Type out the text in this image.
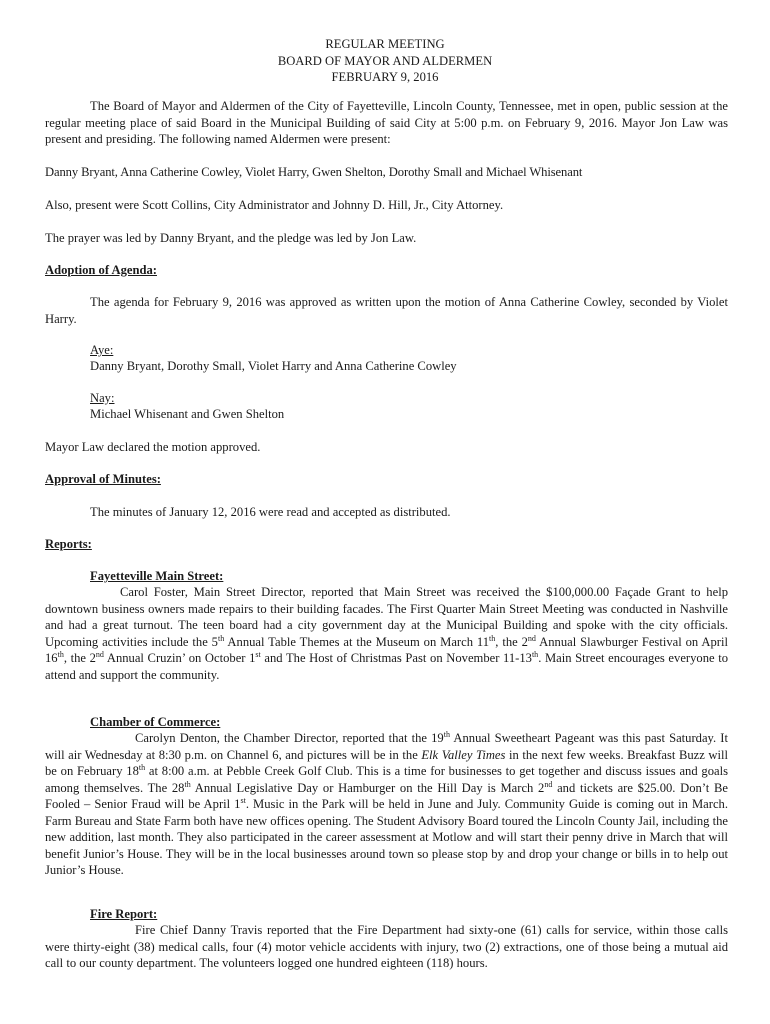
REGULAR MEETING
BOARD OF MAYOR AND ALDERMEN
FEBRUARY 9, 2016
The Board of Mayor and Aldermen of the City of Fayetteville, Lincoln County, Tennessee, met in open, public session at the regular meeting place of said Board in the Municipal Building of said City at 5:00 p.m. on February 9, 2016. Mayor Jon Law was present and presiding. The following named Aldermen were present:
Danny Bryant, Anna Catherine Cowley, Violet Harry, Gwen Shelton, Dorothy Small and Michael Whisenant
Also, present were Scott Collins, City Administrator and Johnny D. Hill, Jr., City Attorney.
The prayer was led by Danny Bryant, and the pledge was led by Jon Law.
Adoption of Agenda:
The agenda for February 9, 2016 was approved as written upon the motion of Anna Catherine Cowley, seconded by Violet Harry.
Aye:
Danny Bryant, Dorothy Small, Violet Harry and Anna Catherine Cowley
Nay:
Michael Whisenant and Gwen Shelton
Mayor Law declared the motion approved.
Approval of Minutes:
The minutes of January 12, 2016 were read and accepted as distributed.
Reports:
Fayetteville Main Street:
Carol Foster, Main Street Director, reported that Main Street was received the $100,000.00 Façade Grant to help downtown business owners made repairs to their building facades. The First Quarter Main Street Meeting was conducted in Nashville and had a great turnout. The teen board had a city government day at the Municipal Building and spoke with the city officials. Upcoming activities include the 5th Annual Table Themes at the Museum on March 11th, the 2nd Annual Slawburger Festival on April 16th, the 2nd Annual Cruzin’ on October 1st and The Host of Christmas Past on November 11-13th. Main Street encourages everyone to attend and support the community.
Chamber of Commerce:
Carolyn Denton, the Chamber Director, reported that the 19th Annual Sweetheart Pageant was this past Saturday. It will air Wednesday at 8:30 p.m. on Channel 6, and pictures will be in the Elk Valley Times in the next few weeks. Breakfast Buzz will be on February 18th at 8:00 a.m. at Pebble Creek Golf Club. This is a time for businesses to get together and discuss issues and goals among themselves. The 28th Annual Legislative Day or Hamburger on the Hill Day is March 2nd and tickets are $25.00. Don’t Be Fooled – Senior Fraud will be April 1st. Music in the Park will be held in June and July. Community Guide is coming out in March. Farm Bureau and State Farm both have new offices opening. The Student Advisory Board toured the Lincoln County Jail, including the new addition, last month. They also participated in the career assessment at Motlow and will start their penny drive in March that will benefit Junior’s House. They will be in the local businesses around town so please stop by and drop your change or bills in to help out Junior’s House.
Fire Report:
Fire Chief Danny Travis reported that the Fire Department had sixty-one (61) calls for service, within those calls were thirty-eight (38) medical calls, four (4) motor vehicle accidents with injury, two (2) extractions, one of those being a mutual aid call to our county department. The volunteers logged one hundred eighteen (118) hours.
